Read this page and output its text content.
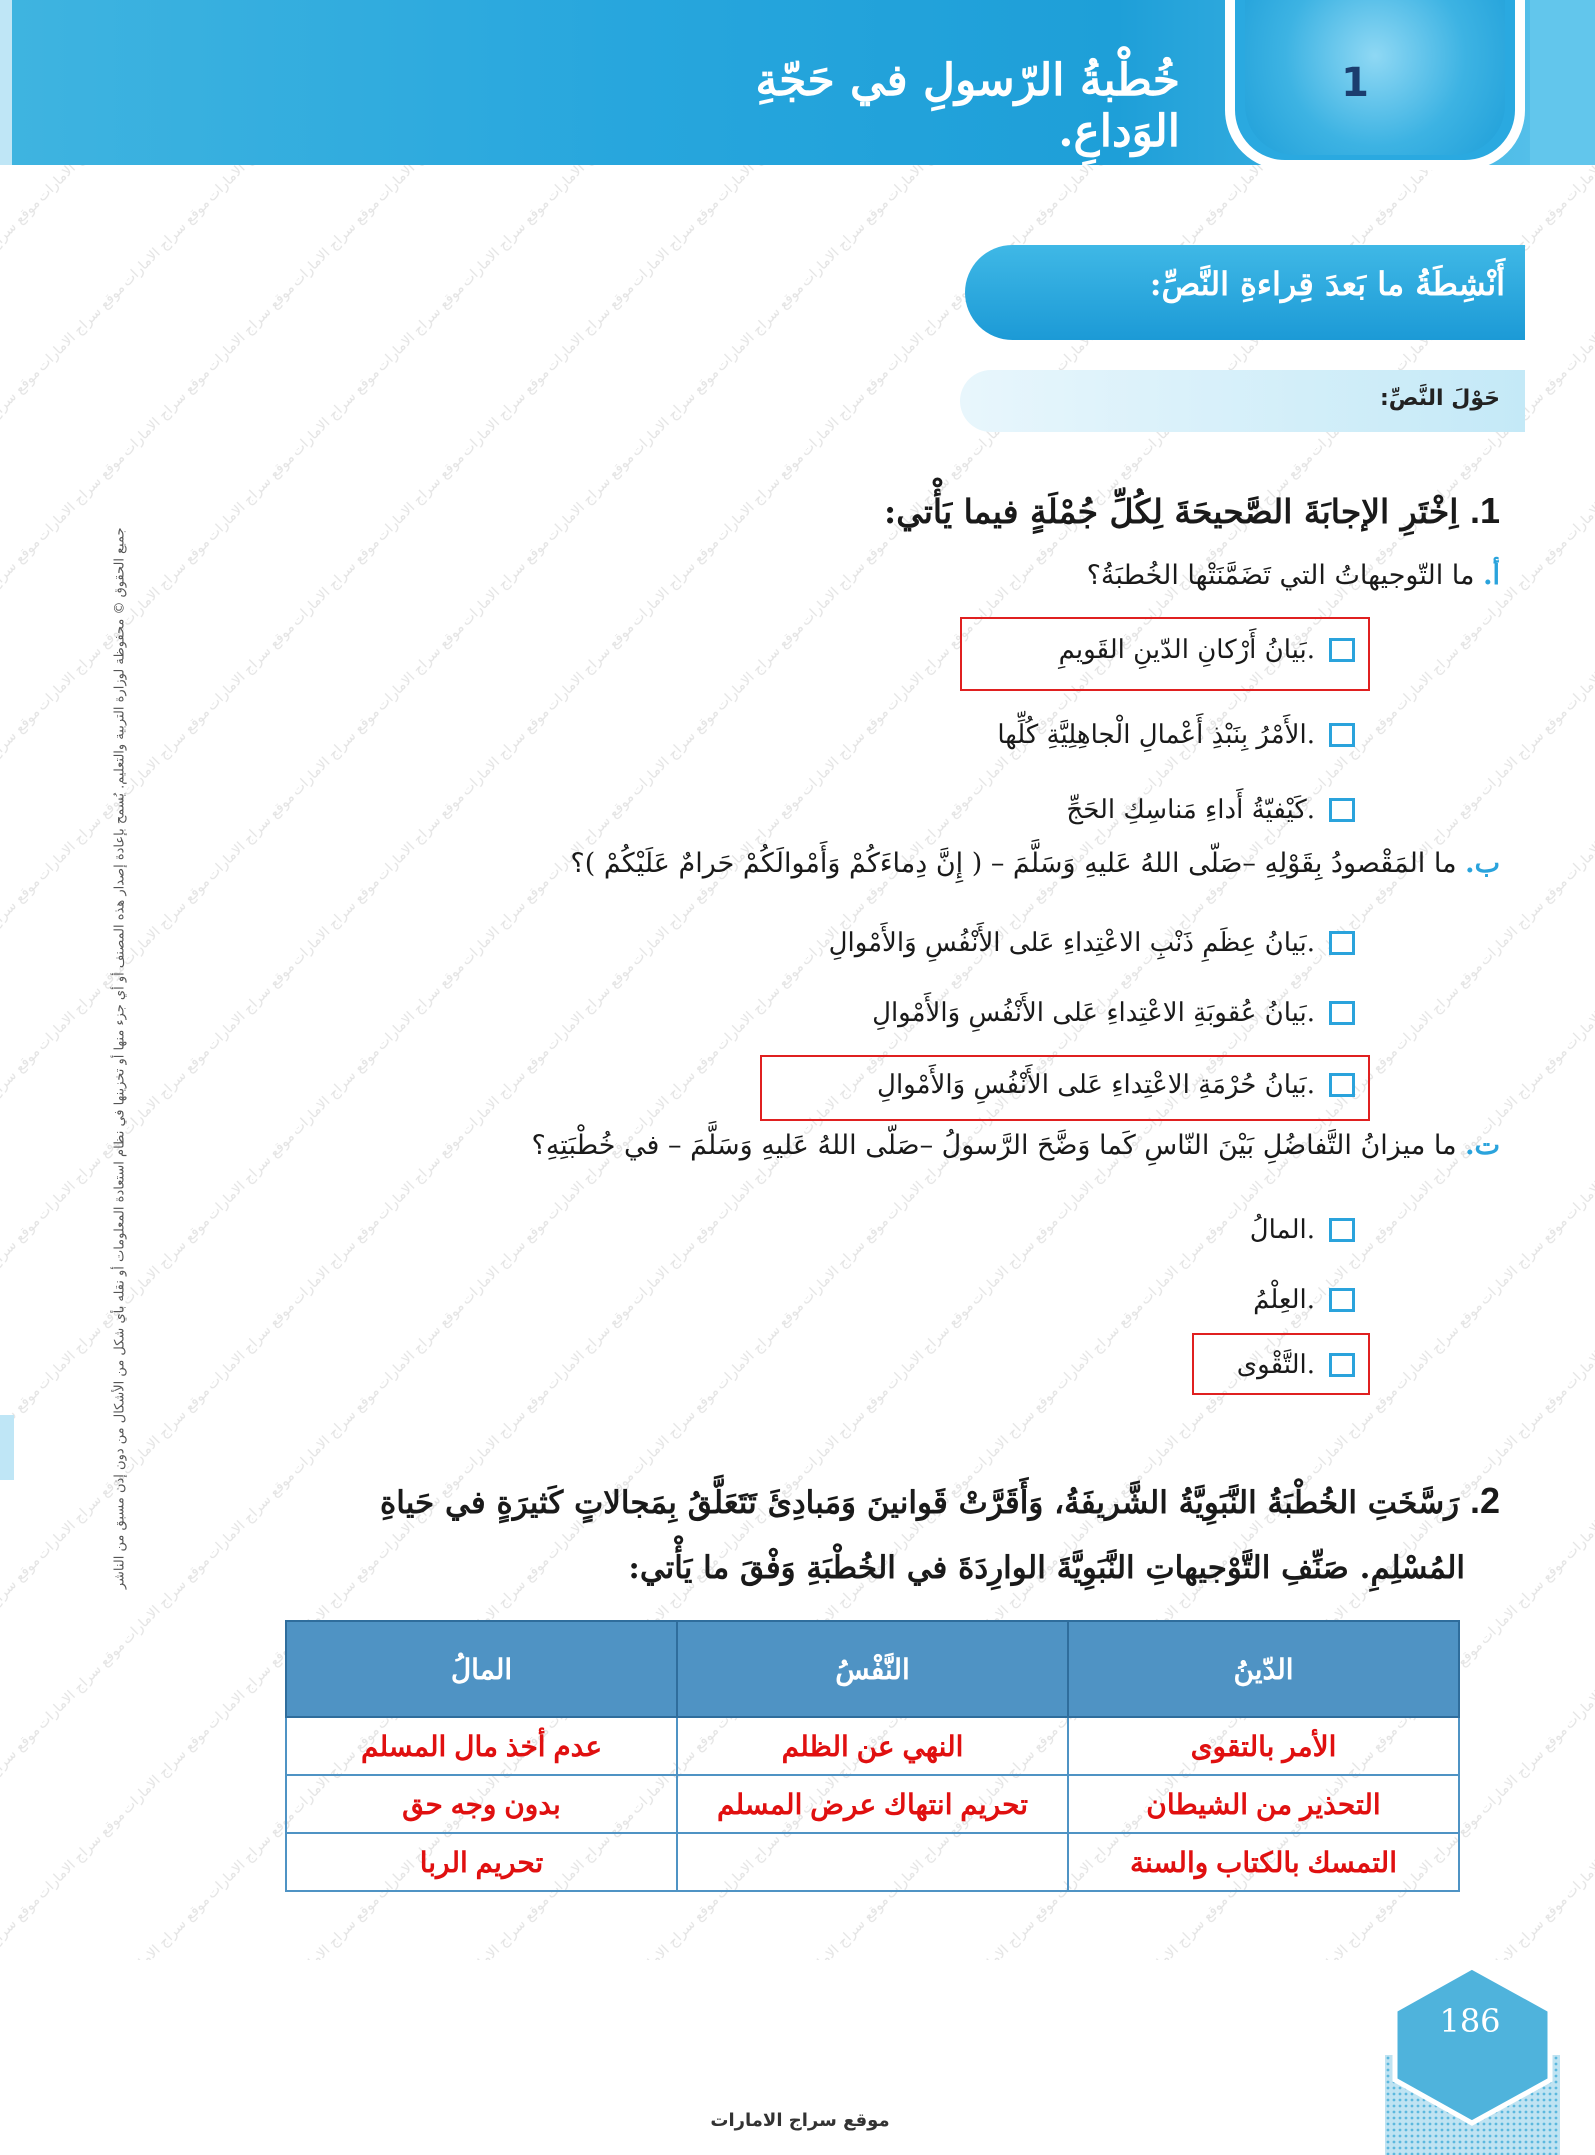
1
خُطْبةُ الرّسولِ في حَجّةِ الوَداعِ.
جميع الحقوق © محفوظة لوزارة التربية والتعليم. يُسمح بإعادة إصدار هذه المصنف أو أي جزء منها أو تخزينها في نظام استعادة المعلومات أو نقله بأي شكل من الأشكال من دون إذن مسبق من الناشر
أَنْشِطَةُ ما بَعدَ قِراءةِ النَّصِّ:
حَوْلَ النَّصِّ:
1. اِخْتَرِ الإجابَةَ الصَّحيحَةَ لِكُلِّ جُمْلَةٍ فيما يَأْتي:
أ. ما التّوجيهاتُ التي تَضَمَّنَتْها الخُطبَةُ؟
بَيانُ أَرْكانِ الدّينِ القَويمِ.
الأَمْرُ بِنَبْذِ أَعْمالِ الْجاهِلِيَّةِ كُلِّها.
كَيْفيّةُ أَداءِ مَناسِكِ الحَجِّ.
ب. ما المَقْصودُ بِقَوْلِهِ –صَلّى اللهُ عَليهِ وَسَلَّمَ – ( إِنَّ دِماءَكُمْ وَأَمْوالَكُمْ حَرامٌ عَلَيْكُمْ )؟
بَيانُ عِظَمِ ذَنْبِ الاعْتِداءِ عَلى الأَنْفُسِ وَالأَمْوالِ.
بَيانُ عُقوبَةِ الاعْتِداءِ عَلى الأَنْفُسِ وَالأَمْوالِ.
بَيانُ حُرْمَةِ الاعْتِداءِ عَلى الأَنْفُسِ وَالأَمْوالِ.
ت. ما ميزانُ التَّفاضُلِ بَيْنَ النّاسِ كَما وَضَّحَ الرَّسولُ –صَلّى اللهُ عَليهِ وَسَلَّمَ – في خُطْبَتِهِ؟
المالُ.
العِلْمُ.
التَّقْوى.
2. رَسَّخَتِ الخُطْبَةُ النَّبَوِيَّةُ الشَّريفَةُ، وَأَقَرَّتْ قَوانينَ وَمَبادِئَ تَتَعَلَّقُ بِمَجالاتٍ كَثيرَةٍ في حَياةِ
المُسْلِمِ. صَنِّفِ التَّوْجيهاتِ النَّبَوِيَّةَ الوارِدَةَ في الخُطْبَةِ وَفْقَ ما يَأْتي:
الدّينُ	النَّفْسُ	المالُ
الأمر بالتقوى	النهي عن الظلم	عدم أخذ مال المسلم
التحذير من الشيطان	تحريم انتهاك عرض المسلم	بدون وجه حق
التمسك بالكتاب والسنة		تحريم الربا
186
موقع سراج الامارات
